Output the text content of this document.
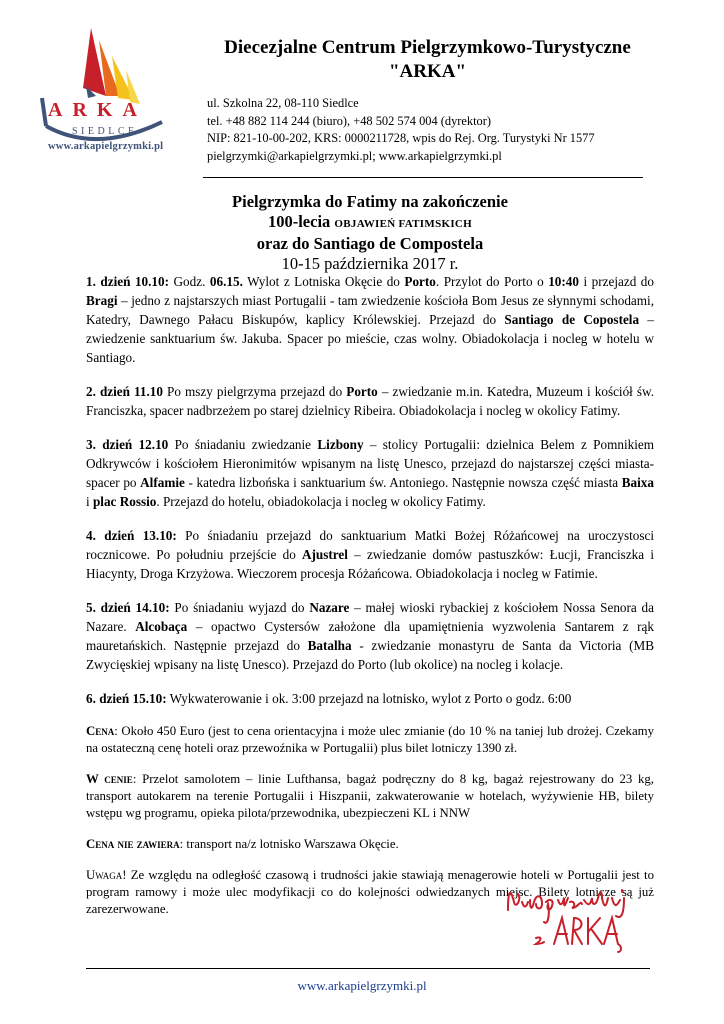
ARKA
SIEDLCE
www.arkapielgrzymki.pl
Diecezjalne Centrum Pielgrzymkowo-Turystyczne
"ARKA"
ul. Szkolna 22, 08-110 Siedlce
tel. +48 882 114 244 (biuro), +48 502 574 004 (dyrektor)
NIP: 821-10-00-202, KRS: 0000211728, wpis do Rej. Org. Turystyki Nr 1577
pielgrzymki@arkapielgrzymki.pl; www.arkapielgrzymki.pl
Pielgrzymka do Fatimy na zakończenie
100-lecia OBJAWIEŃ FATIMSKICH
oraz do Santiago de Compostela
10-15 października 2017 r.

1. dzień 10.10: Godz. 06.15. Wylot z Lotniska Okęcie do Porto. Przylot do Porto o 10:40 i przejazd do Bragi – jedno z najstarszych miast Portugalii - tam zwiedzenie kościoła Bom Jesus ze słynnymi schodami, Katedry, Dawnego Pałacu Biskupów, kaplicy Królewskiej. Przejazd do Santiago de Copostela – zwiedzenie sanktuarium św. Jakuba. Spacer po mieście, czas wolny. Obiadokolacja i nocleg w hotelu w Santiago.

2. dzień 11.10 Po mszy pielgrzyma przejazd do Porto – zwiedzanie m.in. Katedra, Muzeum i kościół św. Franciszka, spacer nadbrzeżem po starej dzielnicy Ribeira. Obiadokolacja i nocleg w okolicy Fatimy.

3. dzień 12.10 Po śniadaniu zwiedzanie Lizbony – stolicy Portugalii: dzielnica Belem z Pomnikiem Odkrywców i kościołem Hieronimitów wpisanym na listę Unesco, przejazd do najstarszej części miasta-spacer po Alfamie - katedra lizbońska i sanktuarium św. Antoniego. Następnie nowsza część miasta Baixa i plac Rossio. Przejazd do hotelu, obiadokolacja i nocleg w okolicy Fatimy.

4. dzień 13.10: Po śniadaniu przejazd do sanktuarium Matki Bożej Różańcowej na uroczystosci rocznicowe. Po południu przejście do Ajustrel – zwiedzanie domów pastuszków: Łucji, Franciszka i Hiacynty, Droga Krzyżowa. Wieczorem procesja Różańcowa. Obiadokolacja i nocleg w Fatimie.

5. dzień 14.10: Po śniadaniu wyjazd do Nazare – małej wioski rybackiej z kościołem Nossa Senora da Nazare. Alcobaça – opactwo Cystersów założone dla upamiętnienia wyzwolenia Santarem z rąk mauretańskich. Następnie przejazd do Batalha - zwiedzanie monastyru de Santa da Victoria (MB Zwycięskiej wpisany na listę Unesco). Przejazd do Porto (lub okolice) na nocleg i kolacje.

6. dzień 15.10: Wykwaterowanie i ok. 3:00 przejazd na lotnisko, wylot z Porto o godz. 6:00

Cena: Około 450 Euro (jest to cena orientacyjna i może ulec zmianie (do 10 % na taniej lub drożej. Czekamy na ostateczną cenę hoteli oraz przewoźnika w Portugalii) plus bilet lotniczy 1390 zł.

W cenie: Przelot samolotem – linie Lufthansa, bagaż podręczny do 8 kg, bagaż rejestrowany do 23 kg, transport autokarem na terenie Portugalii i Hiszpanii, zakwaterowanie w hotelach, wyżywienie HB, bilety wstępu wg programu, opieka pilota/przewodnika, ubezpieczeni KL i NNW

Cena nie zawiera: transport na/z lotnisko Warszawa Okęcie.

Uwaga! Ze względu na odległość czasową i trudności jakie stawiają menagerowie hoteli w Portugalii jest to program ramowy i może ulec modyfikacji co do kolejności odwiedzanych miejsc. Bilety lotnicze są już zarezerwowane.

www.arkapielgrzymki.pl
